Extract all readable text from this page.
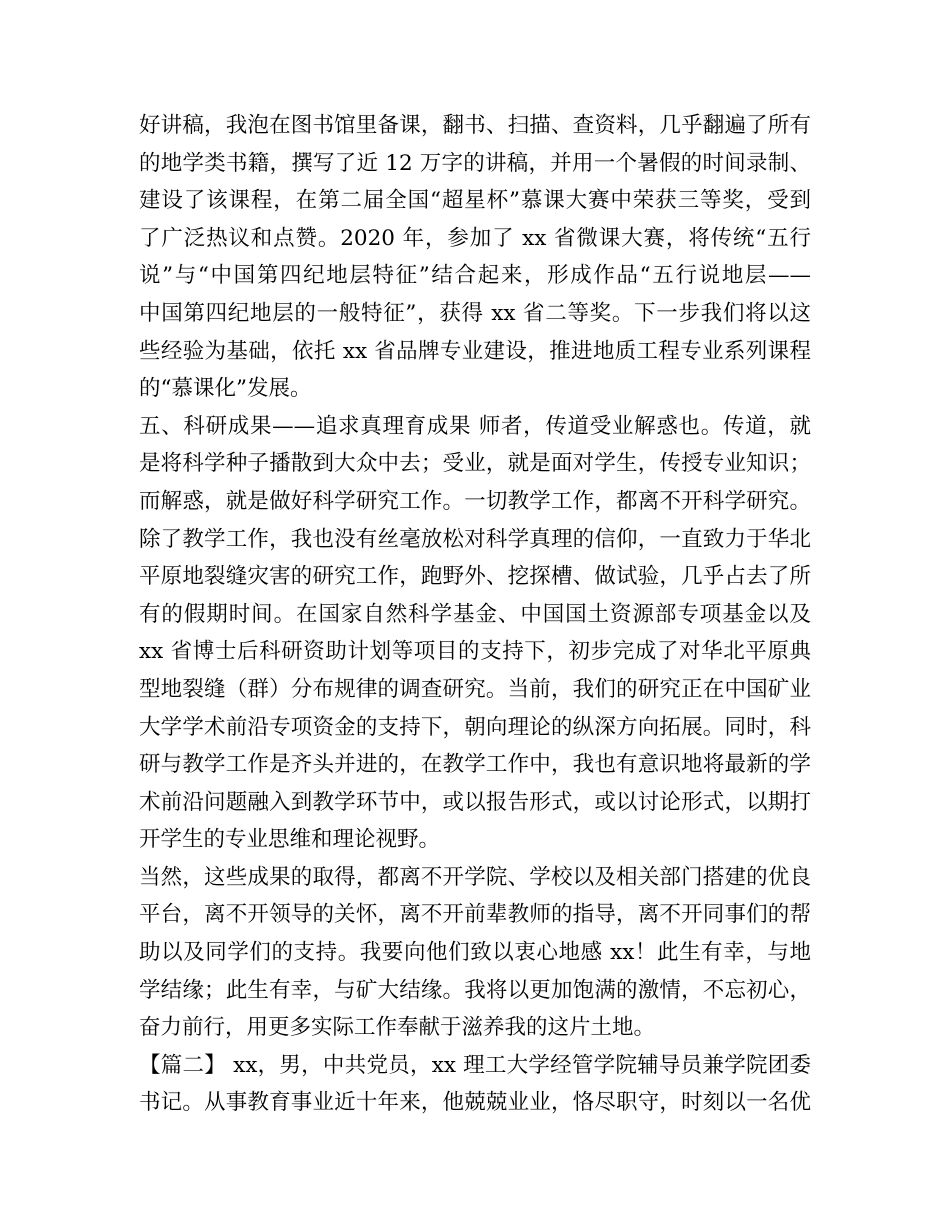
好讲稿，我泡在图书馆里备课，翻书、扫描、查资料，几乎翻遍了所有
的地学类书籍，撰写了近 12 万字的讲稿，并用一个暑假的时间录制、
建设了该课程，在第二届全国“超星杯”慕课大赛中荣获三等奖，受到
了广泛热议和点赞。2020 年，参加了 xx 省微课大赛，将传统“五行
说”与“中国第四纪地层特征”结合起来，形成作品“五行说地层——
中国第四纪地层的一般特征”，获得 xx 省二等奖。下一步我们将以这
些经验为基础，依托 xx 省品牌专业建设，推进地质工程专业系列课程
的“慕课化”发展。
五、科研成果——追求真理育成果 师者，传道受业解惑也。传道，就
是将科学种子播散到大众中去；受业，就是面对学生，传授专业知识；
而解惑，就是做好科学研究工作。一切教学工作，都离不开科学研究。
除了教学工作，我也没有丝毫放松对科学真理的信仰，一直致力于华北
平原地裂缝灾害的研究工作，跑野外、挖探槽、做试验，几乎占去了所
有的假期时间。在国家自然科学基金、中国国土资源部专项基金以及
xx 省博士后科研资助计划等项目的支持下，初步完成了对华北平原典
型地裂缝（群）分布规律的调查研究。当前，我们的研究正在中国矿业
大学学术前沿专项资金的支持下，朝向理论的纵深方向拓展。同时，科
研与教学工作是齐头并进的，在教学工作中，我也有意识地将最新的学
术前沿问题融入到教学环节中，或以报告形式，或以讨论形式，以期打
开学生的专业思维和理论视野。
当然，这些成果的取得，都离不开学院、学校以及相关部门搭建的优良
平台，离不开领导的关怀，离不开前辈教师的指导，离不开同事们的帮
助以及同学们的支持。我要向他们致以衷心地感 xx！此生有幸，与地
学结缘；此生有幸，与矿大结缘。我将以更加饱满的激情，不忘初心，
奋力前行，用更多实际工作奉献于滋养我的这片土地。
【篇二】 xx，男，中共党员，xx 理工大学经管学院辅导员兼学院团委
书记。从事教育事业近十年来，他兢兢业业，恪尽职守，时刻以一名优
